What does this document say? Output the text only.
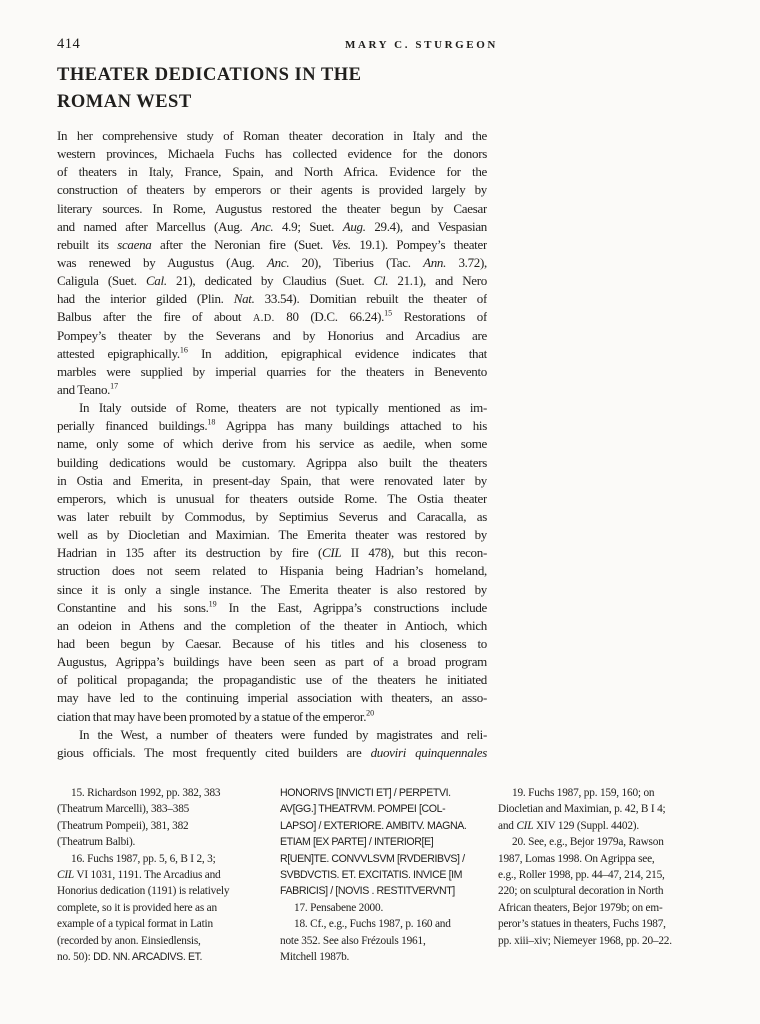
414	MARY C. STURGEON
THEATER DEDICATIONS IN THE
ROMAN WEST
In her comprehensive study of Roman theater decoration in Italy and the
western provinces, Michaela Fuchs has collected evidence for the donors
of theaters in Italy, France, Spain, and North Africa. Evidence for the
construction of theaters by emperors or their agents is provided largely by
literary sources. In Rome, Augustus restored the theater begun by Caesar
and named after Marcellus (Aug. Anc. 4.9; Suet. Aug. 29.4), and Vespasian
rebuilt its scaena after the Neronian fire (Suet. Ves. 19.1). Pompey’s theater
was renewed by Augustus (Aug. Anc. 20), Tiberius (Tac. Ann. 3.72),
Caligula (Suet. Cal. 21), dedicated by Claudius (Suet. Cl. 21.1), and Nero
had the interior gilded (Plin. Nat. 33.54). Domitian rebuilt the theater of
Balbus after the fire of about A.D. 80 (D.C. 66.24).$^{15}$ Restorations of
Pompey’s theater by the Severans and by Honorius and Arcadius are
attested epigraphically.$^{16}$ In addition, epigraphical evidence indicates that
marbles were supplied by imperial quarries for the theaters in Benevento
and Teano.$^{17}$
In Italy outside of Rome, theaters are not typically mentioned as im-
perially financed buildings.$^{18}$ Agrippa has many buildings attached to his
name, only some of which derive from his service as aedile, when some
building dedications would be customary. Agrippa also built the theaters
in Ostia and Emerita, in present-day Spain, that were renovated later by
emperors, which is unusual for theaters outside Rome. The Ostia theater
was later rebuilt by Commodus, by Septimius Severus and Caracalla, as
well as by Diocletian and Maximian. The Emerita theater was restored by
Hadrian in 135 after its destruction by fire (CIL II 478), but this recon-
struction does not seem related to Hispania being Hadrian’s homeland,
since it is only a single instance. The Emerita theater is also restored by
Constantine and his sons.$^{19}$ In the East, Agrippa’s constructions include
an odeion in Athens and the completion of the theater in Antioch, which
had been begun by Caesar. Because of his titles and his closeness to
Augustus, Agrippa’s buildings have been seen as part of a broad program
of political propaganda; the propagandistic use of the theaters he initiated
may have led to the continuing imperial association with theaters, an asso-
ciation that may have been promoted by a statue of the emperor.$^{20}$
In the West, a number of theaters were funded by magistrates and reli-
gious officials. The most frequently cited builders are duoviri quinquennales
15. Richardson 1992, pp. 382, 383
(Theatrum Marcelli), 383–385
(Theatrum Pompeii), 381, 382
(Theatrum Balbi).
16. Fuchs 1987, pp. 5, 6, B I 2, 3;
CIL VI 1031, 1191. The Arcadius and
Honorius dedication (1191) is relatively
complete, so it is provided here as an
example of a typical format in Latin
(recorded by anon. Einsiedlensis,
no. 50): DD. NN. ARCADIVS. ET.
HONORIVS [INVICTI ET] / PERPETVI.
AV[GG.] THEATRVM. POMPEI [COL-
LAPSO] / EXTERIORE. AMBITV. MAGNA.
ETIAM [EX PARTE] / INTERIOR[E]
R[UEN]TE. CONVVLSVM [RVDERIBVS] /
SVBDVCTIS. ET. EXCITATIS. INVICE [IM
FABRICIS] / [NOVIS . RESTITVERVNT]
17. Pensabene 2000.
18. Cf., e.g., Fuchs 1987, p. 160 and
note 352. See also Frézouls 1961,
Mitchell 1987b.
19. Fuchs 1987, pp. 159, 160; on
Diocletian and Maximian, p. 42, B I 4;
and CIL XIV 129 (Suppl. 4402).
20. See, e.g., Bejor 1979a, Rawson
1987, Lomas 1998. On Agrippa see,
e.g., Roller 1998, pp. 44–47, 214, 215,
220; on sculptural decoration in North
African theaters, Bejor 1979b; on em-
peror’s statues in theaters, Fuchs 1987,
pp. xiii–xiv; Niemeyer 1968, pp. 20–22.
